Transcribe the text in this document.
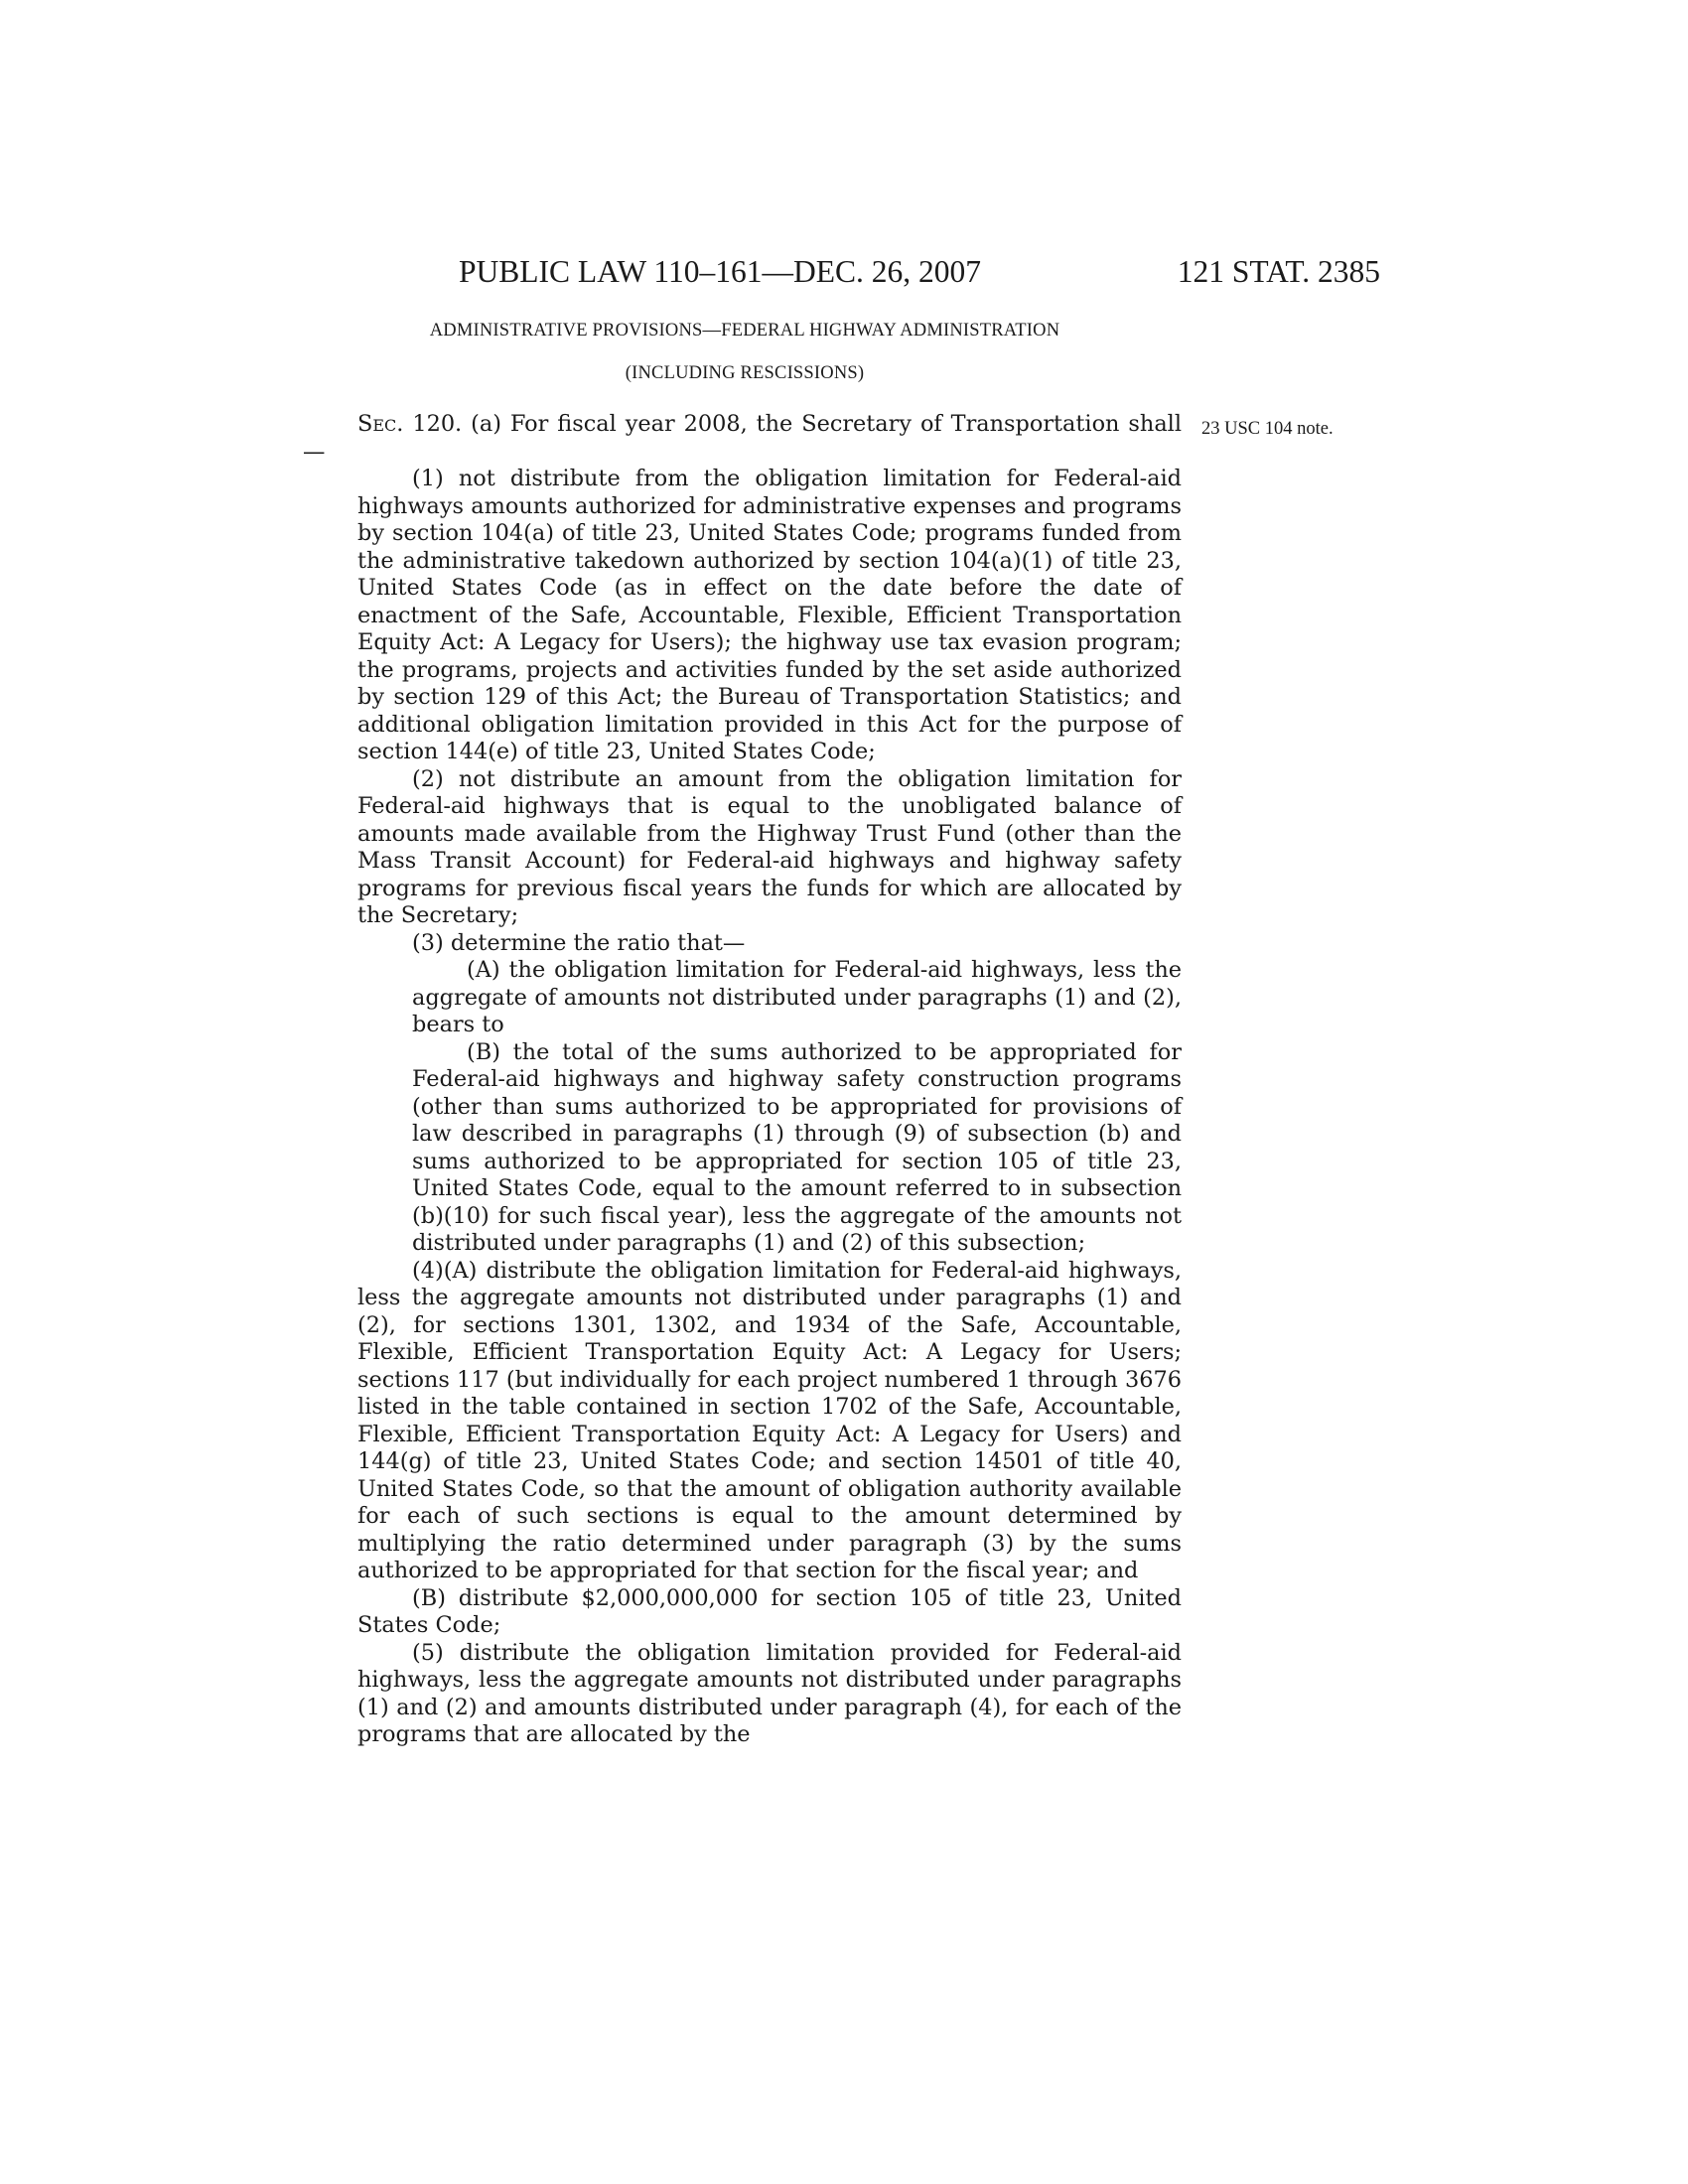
PUBLIC LAW 110–161—DEC. 26, 2007	121 STAT. 2385
ADMINISTRATIVE PROVISIONS—FEDERAL HIGHWAY ADMINISTRATION
(INCLUDING RESCISSIONS)
23 USC 104 note.

Sec. 120. (a) For fiscal year 2008, the Secretary of Transportation shall—

(1) not distribute from the obligation limitation for Federal-aid highways amounts authorized for administrative expenses and programs by section 104(a) of title 23, United States Code; programs funded from the administrative takedown authorized by section 104(a)(1) of title 23, United States Code (as in effect on the date before the date of enactment of the Safe, Accountable, Flexible, Efficient Transportation Equity Act: A Legacy for Users); the highway use tax evasion program; the programs, projects and activities funded by the set aside authorized by section 129 of this Act; the Bureau of Transportation Statistics; and additional obligation limitation provided in this Act for the purpose of section 144(e) of title 23, United States Code;

(2) not distribute an amount from the obligation limitation for Federal-aid highways that is equal to the unobligated balance of amounts made available from the Highway Trust Fund (other than the Mass Transit Account) for Federal-aid highways and highway safety programs for previous fiscal years the funds for which are allocated by the Secretary;

(3) determine the ratio that—

(A) the obligation limitation for Federal-aid highways, less the aggregate of amounts not distributed under paragraphs (1) and (2), bears to

(B) the total of the sums authorized to be appropriated for Federal-aid highways and highway safety construction programs (other than sums authorized to be appropriated for provisions of law described in paragraphs (1) through (9) of subsection (b) and sums authorized to be appropriated for section 105 of title 23, United States Code, equal to the amount referred to in subsection (b)(10) for such fiscal year), less the aggregate of the amounts not distributed under paragraphs (1) and (2) of this subsection;

(4)(A) distribute the obligation limitation for Federal-aid highways, less the aggregate amounts not distributed under paragraphs (1) and (2), for sections 1301, 1302, and 1934 of the Safe, Accountable, Flexible, Efficient Transportation Equity Act: A Legacy for Users; sections 117 (but individually for each project numbered 1 through 3676 listed in the table contained in section 1702 of the Safe, Accountable, Flexible, Efficient Transportation Equity Act: A Legacy for Users) and 144(g) of title 23, United States Code; and section 14501 of title 40, United States Code, so that the amount of obligation authority available for each of such sections is equal to the amount determined by multiplying the ratio determined under paragraph (3) by the sums authorized to be appropriated for that section for the fiscal year; and

(B) distribute $2,000,000,000 for section 105 of title 23, United States Code;

(5) distribute the obligation limitation provided for Federal-aid highways, less the aggregate amounts not distributed under paragraphs (1) and (2) and amounts distributed under paragraph (4), for each of the programs that are allocated by the
